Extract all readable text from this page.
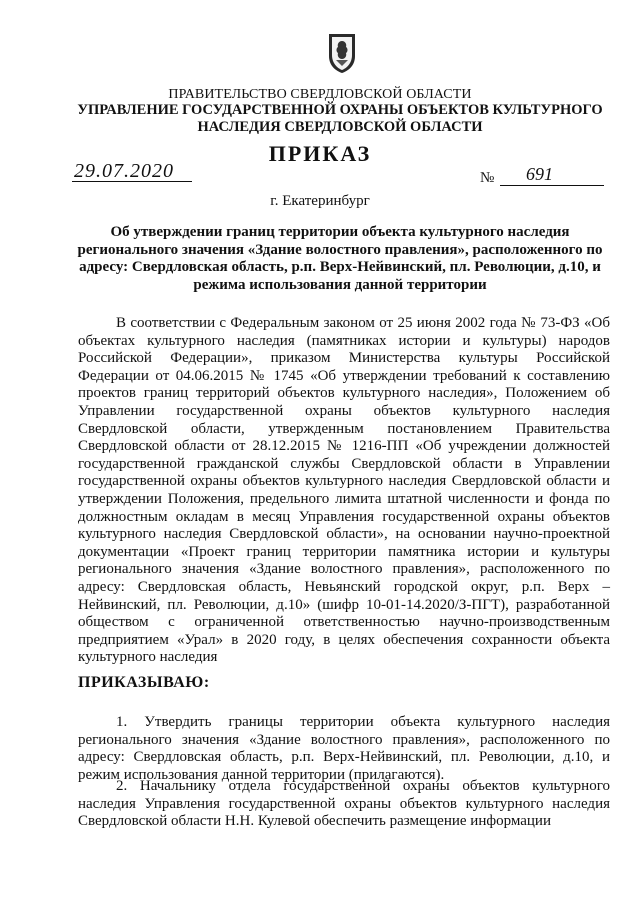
ПРАВИТЕЛЬСТВО СВЕРДЛОВСКОЙ ОБЛАСТИ
УПРАВЛЕНИЕ ГОСУДАРСТВЕННОЙ ОХРАНЫ ОБЪЕКТОВ КУЛЬТУРНОГО НАСЛЕДИЯ СВЕРДЛОВСКОЙ ОБЛАСТИ
ПРИКАЗ
29.07.2020	№ 691
г. Екатеринбург
Об утверждении границ территории объекта культурного наследия регионального значения «Здание волостного правления», расположенного по адресу: Свердловская область, р.п. Верх-Нейвинский, пл. Революции, д.10, и режима использования данной территории
В соответствии с Федеральным законом от 25 июня 2002 года № 73-ФЗ «Об объектах культурного наследия (памятниках истории и культуры) народов Российской Федерации», приказом Министерства культуры Российской Федерации от 04.06.2015 № 1745 «Об утверждении требований к составлению проектов границ территорий объектов культурного наследия», Положением об Управлении государственной охраны объектов культурного наследия Свердловской области, утвержденным постановлением Правительства Свердловской области от 28.12.2015 № 1216-ПП «Об учреждении должностей государственной гражданской службы Свердловской области в Управлении государственной охраны объектов культурного наследия Свердловской области и утверждении Положения, предельного лимита штатной численности и фонда по должностным окладам в месяц Управления государственной охраны объектов культурного наследия Свердловской области», на основании научно-проектной документации «Проект границ территории памятника истории и культуры регионального значения «Здание волостного правления», расположенного по адресу: Свердловская область, Невьянский городской округ, р.п. Верх – Нейвинский, пл. Революции, д.10» (шифр 10-01-14.2020/З-ПГТ), разработанной обществом с ограниченной ответственностью научно-производственным предприятием «Урал» в 2020 году, в целях обеспечения сохранности объекта культурного наследия
ПРИКАЗЫВАЮ:
1. Утвердить границы территории объекта культурного наследия регионального значения «Здание волостного правления», расположенного по адресу: Свердловская область, р.п. Верх-Нейвинский, пл. Революции, д.10, и режим использования данной территории (прилагаются).
2. Начальнику отдела государственной охраны объектов культурного наследия Управления государственной охраны объектов культурного наследия Свердловской области Н.Н. Кулевой обеспечить размещение информации
